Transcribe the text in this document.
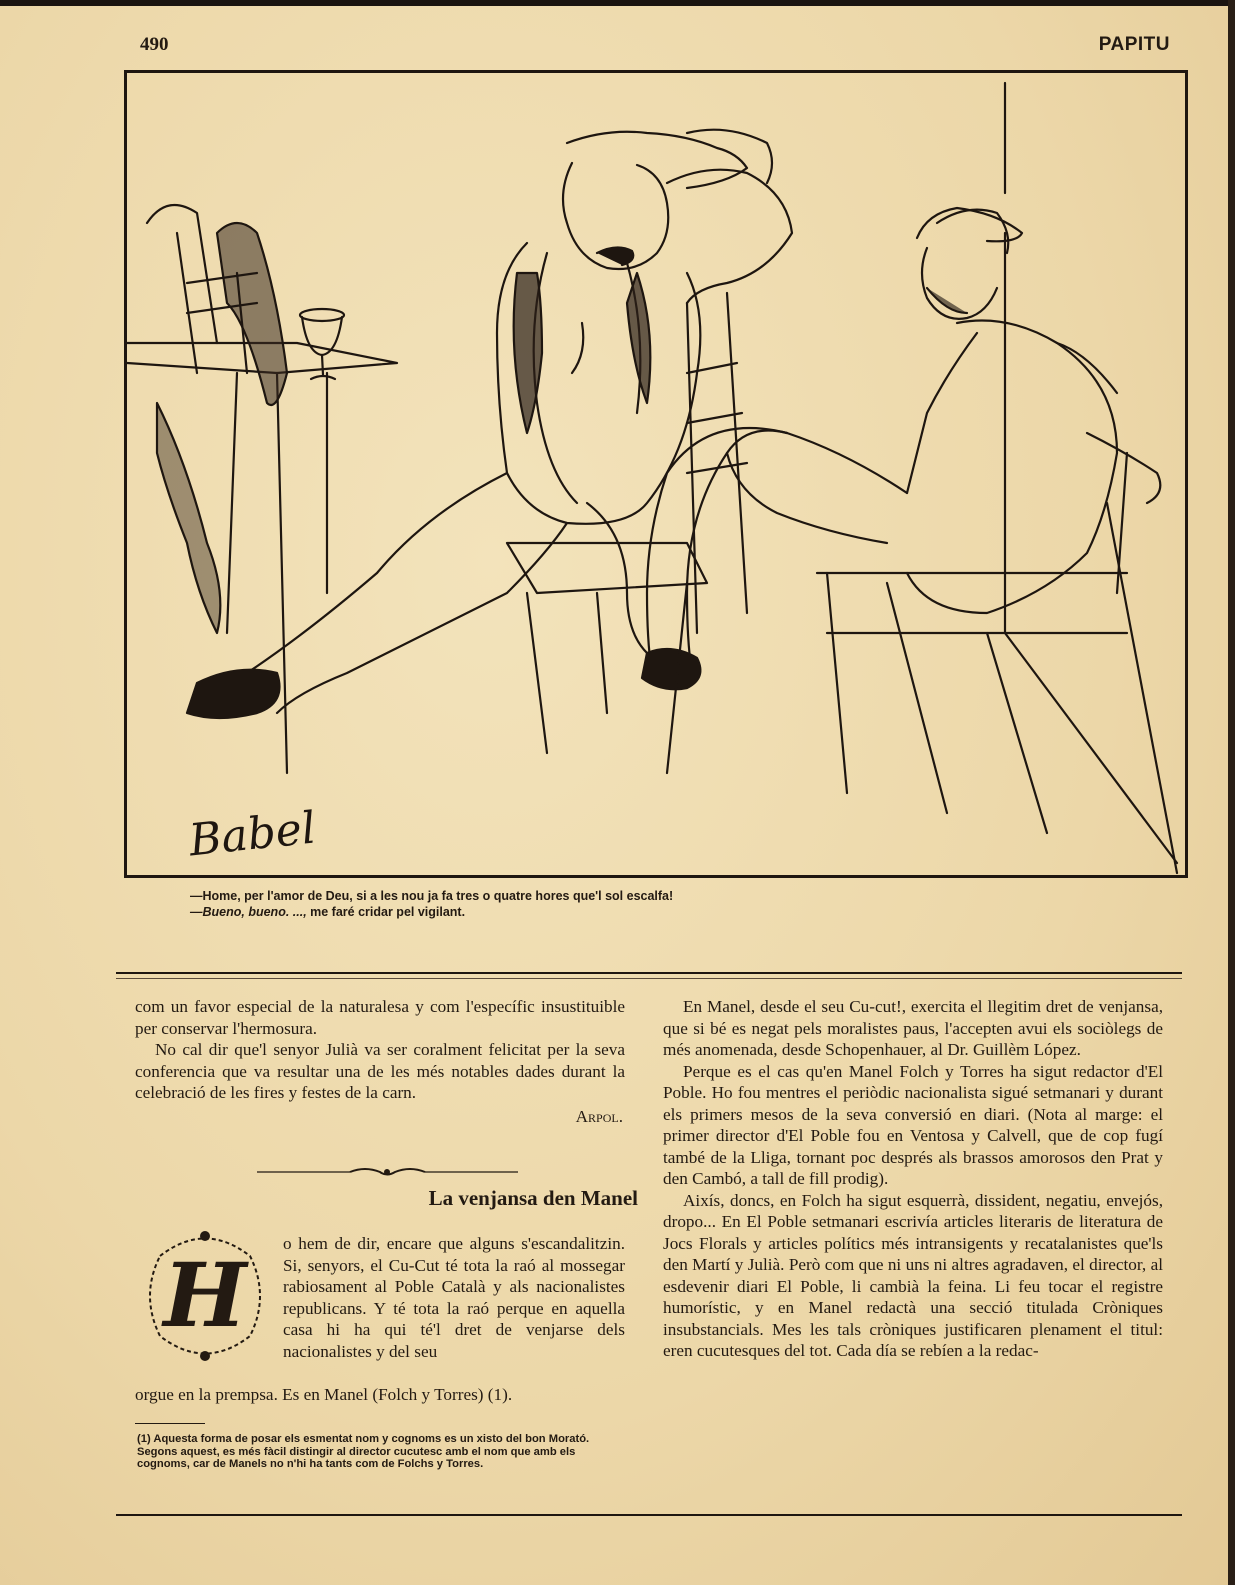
490	PAPITU
Babel
—Home, per l'amor de Deu, si a les nou ja fa tres o quatre hores que'l sol escalfa!
—Bueno, bueno. ..., me faré cridar pel vigilant.

com un favor especial de la naturalesa y com l'específic insustituible per conservar l'hermosura.

No cal dir que'l senyor Julià va ser coralment felicitat per la seva conferencia que va resultar una de les més notables dades durant la celebració de les fires y festes de la carn.

Arpol.

La venjansa den Manel
H o hem de dir, encare que alguns s'escandalitzin. Si, senyors, el Cu-Cut té tota la raó al mossegar rabiosament al Poble Català y als nacionalistes republicans. Y té tota la raó perque en aquella casa hi ha qui té'l dret de venjarse dels nacionalistes y del seu
orgue en la prempsa. Es en Manel (Folch y Torres) (1).
(1) Aquesta forma de posar els esmentat nom y cognoms es un xisto del bon Morató. Segons aquest, es més fàcil distingir al director cucutesc amb el nom que amb els cognoms, car de Manels no n'hi ha tants com de Folchs y Torres.

En Manel, desde el seu Cu-cut!, exercita el llegitim dret de venjansa, que si bé es negat pels moralistes paus, l'accepten avui els sociòlegs de més anomenada, desde Schopenhauer, al Dr. Guillèm López.

Perque es el cas qu'en Manel Folch y Torres ha sigut redactor d'El Poble. Ho fou mentres el periòdic nacionalista sigué setmanari y durant els primers mesos de la seva conversió en diari. (Nota al marge: el primer director d'El Poble fou en Ventosa y Calvell, que de cop fugí també de la Lliga, tornant poc després als brassos amorosos den Prat y den Cambó, a tall de fill prodig).

Aixís, doncs, en Folch ha sigut esquerrà, dissident, negatiu, envejós, dropo... En El Poble setmanari escrivía articles literaris de literatura de Jocs Florals y articles polítics més intransigents y recatalanistes que'ls den Martí y Julià. Però com que ni uns ni altres agradaven, el director, al esdevenir diari El Poble, li cambià la feina. Li feu tocar el registre humorístic, y en Manel redactà una secció titulada Cròniques insubstancials. Mes les tals cròniques justificaren plenament el titul: eren cucutesques del tot. Cada día se rebíen a la redac-
